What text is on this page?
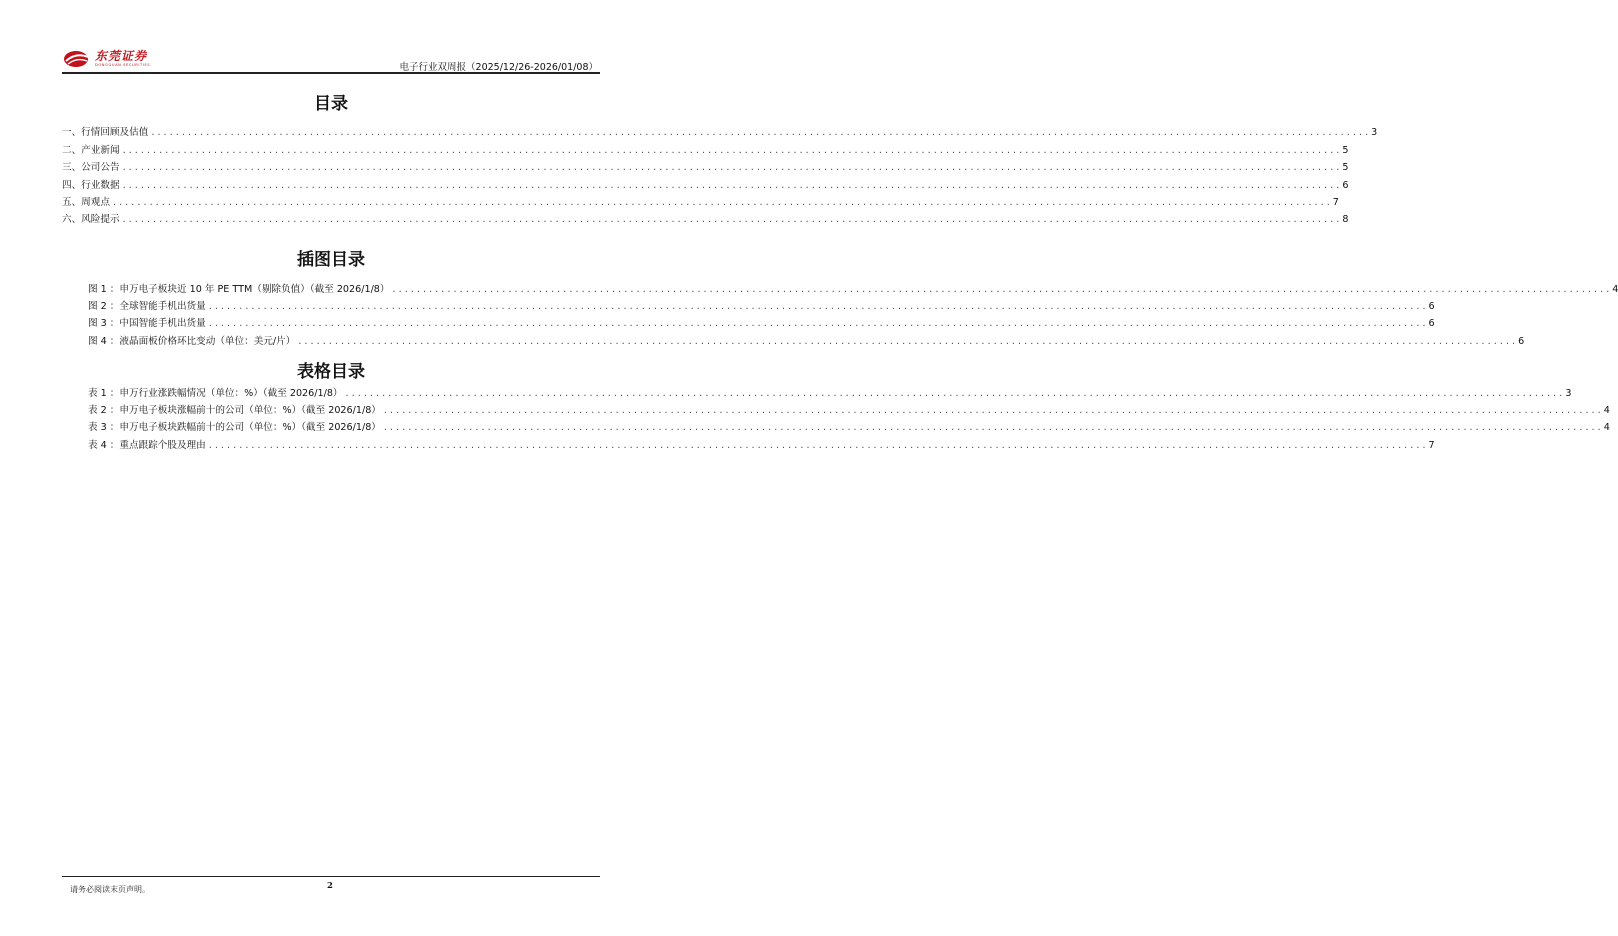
东莞证券
DONGGUAN SECURITIES	电子行业双周报（2025/12/26-2026/01/08）
目录
一、行情回顾及估值 . . . . . . . . . . . . . . . . . . . . . . . . . . . . . . . . . . . . . . . . . . . . . . . . . . . . . . . . . . . . . . . . . . . . . . . . . . . . . . . . . . . . . . . . . . . . . . . . . . . . . . . . . . . . . . . . . . . . . . . . . . . . . . . . . . . . . . . . . . . . . . . . . . . . . . . . . . . . . . . . . . . . . . . . . . . . . . . . . . . . . . . . . . . . . . . . . . . . . . . . 3
二、产业新闻 . . . . . . . . . . . . . . . . . . . . . . . . . . . . . . . . . . . . . . . . . . . . . . . . . . . . . . . . . . . . . . . . . . . . . . . . . . . . . . . . . . . . . . . . . . . . . . . . . . . . . . . . . . . . . . . . . . . . . . . . . . . . . . . . . . . . . . . . . . . . . . . . . . . . . . . . . . . . . . . . . . . . . . . . . . . . . . . . . . . . . . . . . . . . . . . . . . . . . . . . 5
三、公司公告 . . . . . . . . . . . . . . . . . . . . . . . . . . . . . . . . . . . . . . . . . . . . . . . . . . . . . . . . . . . . . . . . . . . . . . . . . . . . . . . . . . . . . . . . . . . . . . . . . . . . . . . . . . . . . . . . . . . . . . . . . . . . . . . . . . . . . . . . . . . . . . . . . . . . . . . . . . . . . . . . . . . . . . . . . . . . . . . . . . . . . . . . . . . . . . . . . . . . . . . . 5
四、行业数据 . . . . . . . . . . . . . . . . . . . . . . . . . . . . . . . . . . . . . . . . . . . . . . . . . . . . . . . . . . . . . . . . . . . . . . . . . . . . . . . . . . . . . . . . . . . . . . . . . . . . . . . . . . . . . . . . . . . . . . . . . . . . . . . . . . . . . . . . . . . . . . . . . . . . . . . . . . . . . . . . . . . . . . . . . . . . . . . . . . . . . . . . . . . . . . . . . . . . . . . . 6
五、周观点 . . . . . . . . . . . . . . . . . . . . . . . . . . . . . . . . . . . . . . . . . . . . . . . . . . . . . . . . . . . . . . . . . . . . . . . . . . . . . . . . . . . . . . . . . . . . . . . . . . . . . . . . . . . . . . . . . . . . . . . . . . . . . . . . . . . . . . . . . . . . . . . . . . . . . . . . . . . . . . . . . . . . . . . . . . . . . . . . . . . . . . . . . . . . . . . . . . . . . . . . 7
六、风险提示 . . . . . . . . . . . . . . . . . . . . . . . . . . . . . . . . . . . . . . . . . . . . . . . . . . . . . . . . . . . . . . . . . . . . . . . . . . . . . . . . . . . . . . . . . . . . . . . . . . . . . . . . . . . . . . . . . . . . . . . . . . . . . . . . . . . . . . . . . . . . . . . . . . . . . . . . . . . . . . . . . . . . . . . . . . . . . . . . . . . . . . . . . . . . . . . . . . . . . . . . 8
插图目录
图 1 ：申万电子板块近 10 年 PE TTM（剔除负值）（截至 2026/1/8） . . . . . . . . . . . . . . . . . . . . . . . . . . . . . . . . . . . . . . . . . . . . . . . . . . . . . . . . . . . . . . . . . . . . . . . . . . . . . . . . . . . . . . . . . . . . . . . . . . . . . . . . . . . . . . . . . . . . . . . . . . . . . . . . . . . . . . . . . . . . . . . . . . . . . . . . . . . . . . . . . . . . . . . . . . . . . . . . . . . . . . . . . . . . . . . . . . . . . . . . 4
图 2 ：全球智能手机出货量 . . . . . . . . . . . . . . . . . . . . . . . . . . . . . . . . . . . . . . . . . . . . . . . . . . . . . . . . . . . . . . . . . . . . . . . . . . . . . . . . . . . . . . . . . . . . . . . . . . . . . . . . . . . . . . . . . . . . . . . . . . . . . . . . . . . . . . . . . . . . . . . . . . . . . . . . . . . . . . . . . . . . . . . . . . . . . . . . . . . . . . . . . . . . . . . . . . . . . . . . 6
图 3 ：中国智能手机出货量 . . . . . . . . . . . . . . . . . . . . . . . . . . . . . . . . . . . . . . . . . . . . . . . . . . . . . . . . . . . . . . . . . . . . . . . . . . . . . . . . . . . . . . . . . . . . . . . . . . . . . . . . . . . . . . . . . . . . . . . . . . . . . . . . . . . . . . . . . . . . . . . . . . . . . . . . . . . . . . . . . . . . . . . . . . . . . . . . . . . . . . . . . . . . . . . . . . . . . . . . 6
图 4 ：液晶面板价格环比变动（单位：美元/片） . . . . . . . . . . . . . . . . . . . . . . . . . . . . . . . . . . . . . . . . . . . . . . . . . . . . . . . . . . . . . . . . . . . . . . . . . . . . . . . . . . . . . . . . . . . . . . . . . . . . . . . . . . . . . . . . . . . . . . . . . . . . . . . . . . . . . . . . . . . . . . . . . . . . . . . . . . . . . . . . . . . . . . . . . . . . . . . . . . . . . . . . . . . . . . . . . . . . . . . . 6
表格目录
表 1 ：申万行业涨跌幅情况（单位：%）（截至 2026/1/8） . . . . . . . . . . . . . . . . . . . . . . . . . . . . . . . . . . . . . . . . . . . . . . . . . . . . . . . . . . . . . . . . . . . . . . . . . . . . . . . . . . . . . . . . . . . . . . . . . . . . . . . . . . . . . . . . . . . . . . . . . . . . . . . . . . . . . . . . . . . . . . . . . . . . . . . . . . . . . . . . . . . . . . . . . . . . . . . . . . . . . . . . . . . . . . . . . . . . . . . . 3
表 2 ：申万电子板块涨幅前十的公司（单位：%）（截至 2026/1/8） . . . . . . . . . . . . . . . . . . . . . . . . . . . . . . . . . . . . . . . . . . . . . . . . . . . . . . . . . . . . . . . . . . . . . . . . . . . . . . . . . . . . . . . . . . . . . . . . . . . . . . . . . . . . . . . . . . . . . . . . . . . . . . . . . . . . . . . . . . . . . . . . . . . . . . . . . . . . . . . . . . . . . . . . . . . . . . . . . . . . . . . . . . . . . . . . . . . . . . . . 4
表 3 ：申万电子板块跌幅前十的公司（单位：%）（截至 2026/1/8） . . . . . . . . . . . . . . . . . . . . . . . . . . . . . . . . . . . . . . . . . . . . . . . . . . . . . . . . . . . . . . . . . . . . . . . . . . . . . . . . . . . . . . . . . . . . . . . . . . . . . . . . . . . . . . . . . . . . . . . . . . . . . . . . . . . . . . . . . . . . . . . . . . . . . . . . . . . . . . . . . . . . . . . . . . . . . . . . . . . . . . . . . . . . . . . . . . . . . . . . 4
表 4 ：重点跟踪个股及理由 . . . . . . . . . . . . . . . . . . . . . . . . . . . . . . . . . . . . . . . . . . . . . . . . . . . . . . . . . . . . . . . . . . . . . . . . . . . . . . . . . . . . . . . . . . . . . . . . . . . . . . . . . . . . . . . . . . . . . . . . . . . . . . . . . . . . . . . . . . . . . . . . . . . . . . . . . . . . . . . . . . . . . . . . . . . . . . . . . . . . . . . . . . . . . . . . . . . . . . . . 7
请务必阅读末页声明。	2
